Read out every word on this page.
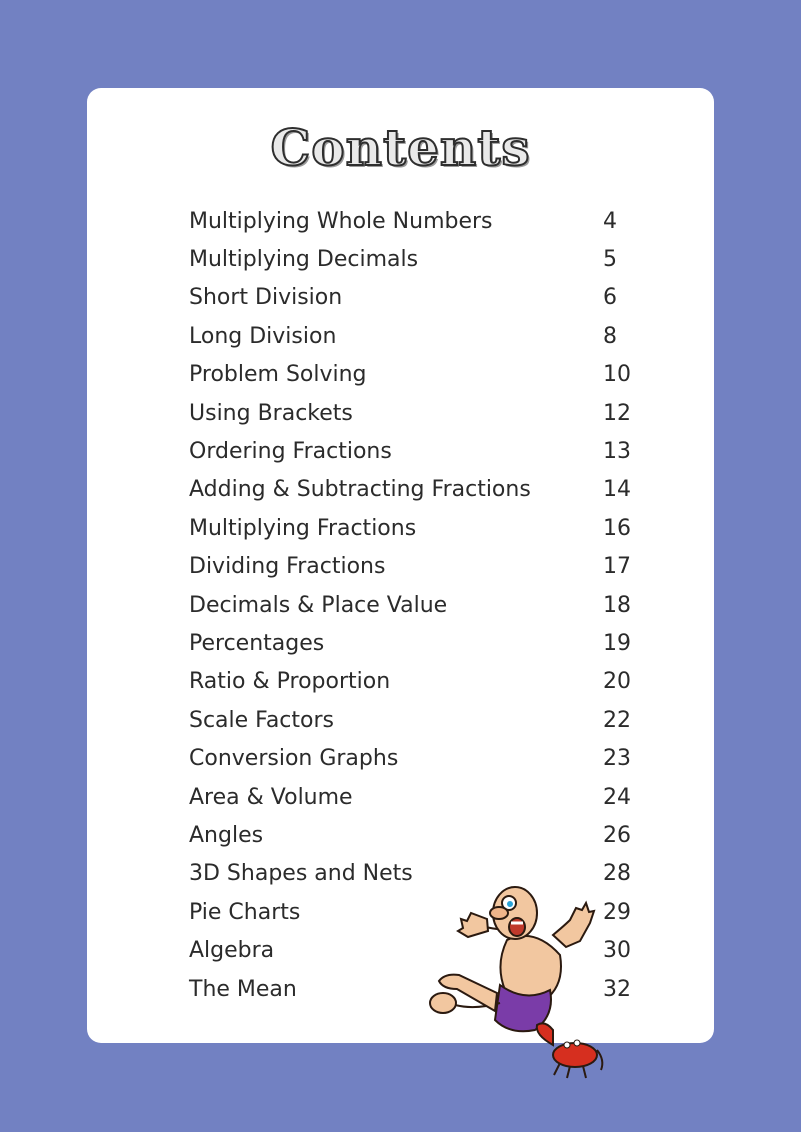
Contents
Multiplying Whole Numbers	4
Multiplying Decimals	5
Short Division	6
Long Division	8
Problem Solving	10
Using Brackets	12
Ordering Fractions	13
Adding & Subtracting Fractions	14
Multiplying Fractions	16
Dividing Fractions	17
Decimals & Place Value	18
Percentages	19
Ratio & Proportion	20
Scale Factors	22
Conversion Graphs	23
Area & Volume	24
Angles	26
3D Shapes and Nets	28
Pie Charts	29
Algebra	30
The Mean	32
